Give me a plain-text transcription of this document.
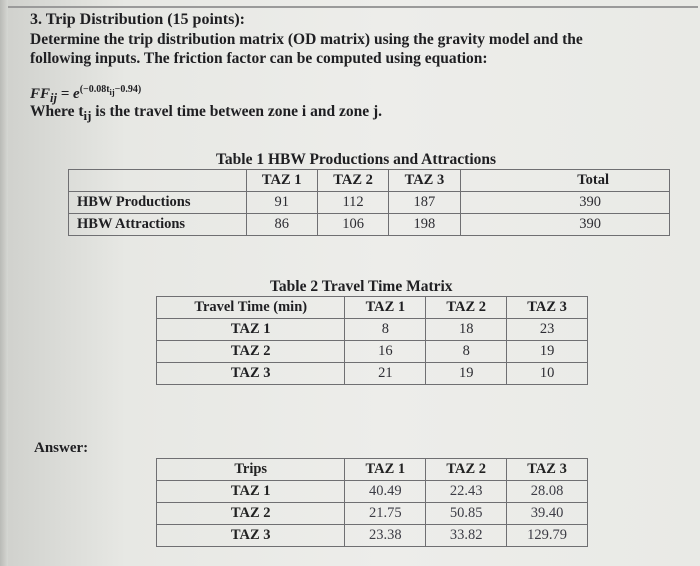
3. Trip Distribution (15 points):
Determine the trip distribution matrix (OD matrix) using the gravity model and the
following inputs. The friction factor can be computed using equation:
$FF_{ij} = e^{(-0.08t_{ij}-0.94)}$
Where $t_{ij}$ is the travel time between zone i and zone j.
Table 1 HBW Productions and Attractions
	TAZ 1	TAZ 2	TAZ 3	Total
HBW Productions	91	112	187	390
HBW Attractions	86	106	198	390
Table 2 Travel Time Matrix
Travel Time (min)	TAZ 1	TAZ 2	TAZ 3
TAZ 1	8	18	23
TAZ 2	16	8	19
TAZ 3	21	19	10
Answer:
Trips	TAZ 1	TAZ 2	TAZ 3
TAZ 1	40.49	22.43	28.08
TAZ 2	21.75	50.85	39.40
TAZ 3	23.38	33.82	129.79
